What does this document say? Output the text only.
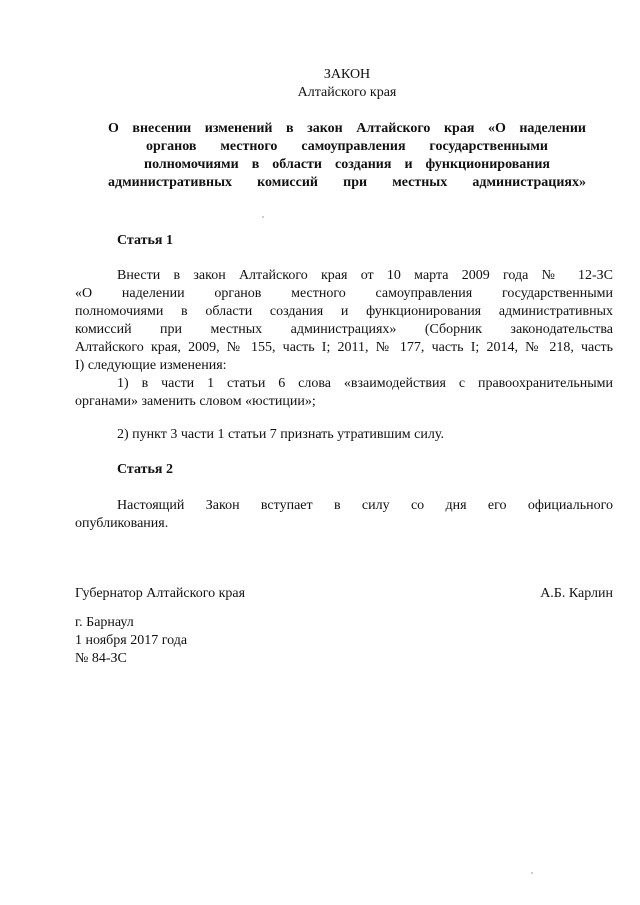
ЗАКОН
Алтайского края
О внесении изменений в закон Алтайского края «О наделении
органов местного самоуправления государственными
полномочиями в области создания и функционирования
административных комиссий при местных администрациях»
Статья 1
Внести в закон Алтайского края от 10 марта 2009 года № 12-ЗС
«О наделении органов местного самоуправления государственными
полномочиями в области создания и функционирования административных
комиссий при местных администрациях» (Сборник законодательства
Алтайского края, 2009, № 155, часть I; 2011, № 177, часть I; 2014, № 218, часть
I) следующие изменения:
1) в части 1 статьи 6 слова «взаимодействия с правоохранительными
органами» заменить словом «юстиции»;
2) пункт 3 части 1 статьи 7 признать утратившим силу.
Статья 2
Настоящий Закон вступает в силу со дня его официального
опубликования.
Губернатор Алтайского края	А.Б. Карлин
г. Барнаул
1 ноября 2017 года
№ 84-ЗС
